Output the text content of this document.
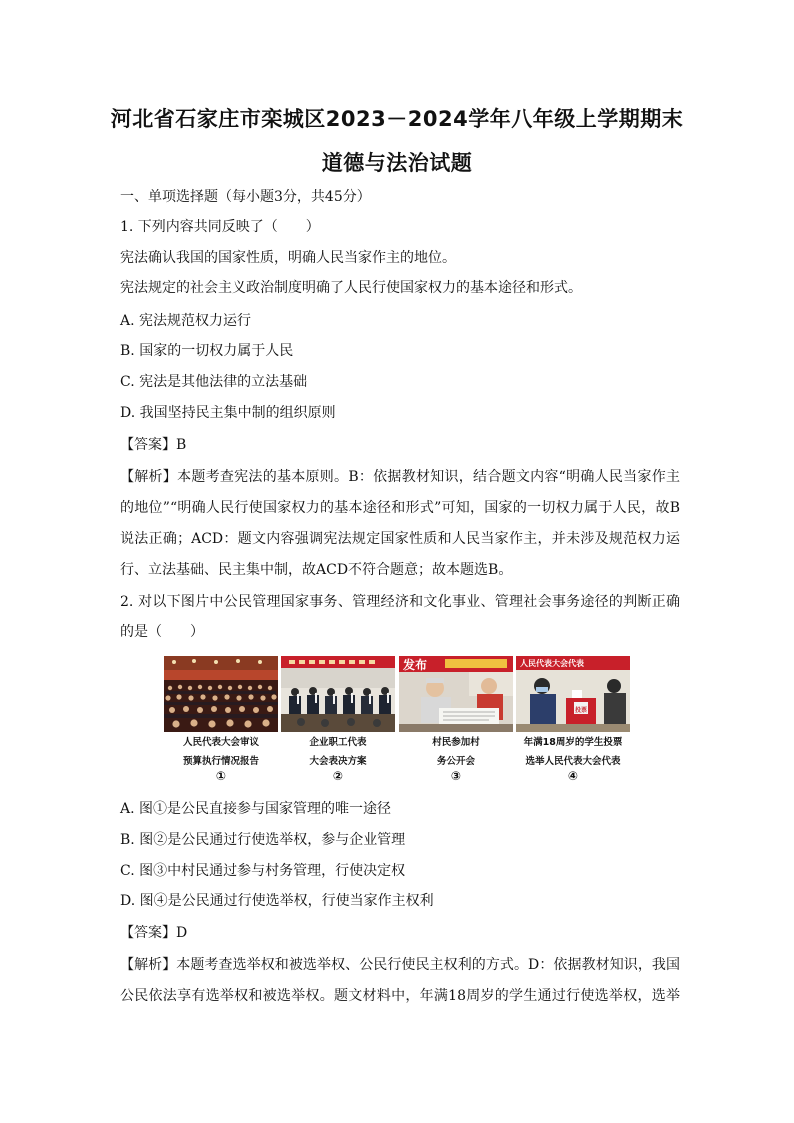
河北省石家庄市栾城区2023－2024学年八年级上学期期末
道德与法治试题
一、单项选择题（每小题3分，共45分）
1. 下列内容共同反映了（　　）
宪法确认我国的国家性质，明确人民当家作主的地位。
宪法规定的社会主义政治制度明确了人民行使国家权力的基本途径和形式。
A. 宪法规范权力运行
B. 国家的一切权力属于人民
C. 宪法是其他法律的立法基础
D. 我国坚持民主集中制的组织原则
【答案】B
【解析】本题考查宪法的基本原则。B：依据教材知识，结合题文内容“明确人民当家作主
的地位”“明确人民行使国家权力的基本途径和形式”可知，国家的一切权力属于人民，故B
说法正确；ACD：题文内容强调宪法规定国家性质和人民当家作主，并未涉及规范权力运
行、立法基础、民主集中制，故ACD不符合题意；故本题选B。
2. 对以下图片中公民管理国家事务、管理经济和文化事业、管理社会事务途径的判断正确
的是（　　）
人民代表大会审议
预算执行情况报告
①
企业职工代表
大会表决方案
②
发布
村民参加村
务公开会
③
人民代表大会代表
投票
年满18周岁的学生投票
选举人民代表大会代表
④
A. 图①是公民直接参与国家管理的唯一途径
B. 图②是公民通过行使选举权，参与企业管理
C. 图③中村民通过参与村务管理，行使决定权
D. 图④是公民通过行使选举权，行使当家作主权利
【答案】D
【解析】本题考查选举权和被选举权、公民行使民主权利的方式。D：依据教材知识，我国
公民依法享有选举权和被选举权。题文材料中，年满18周岁的学生通过行使选举权，选举
